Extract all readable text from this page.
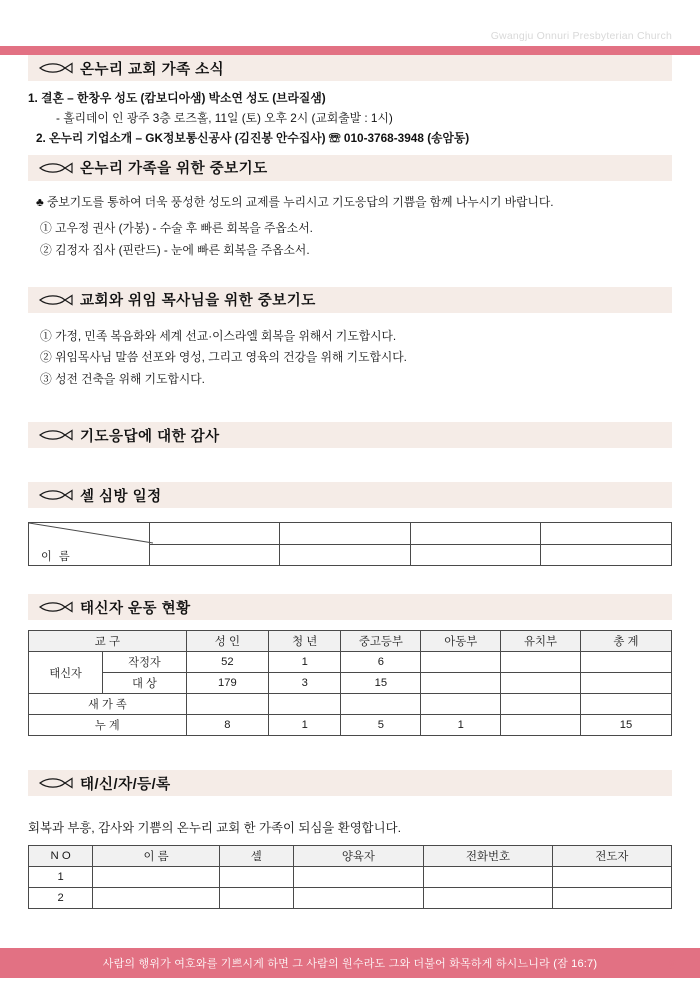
Gwangju Onnuri Presbyterian Church
온누리 교회 가족 소식
1. 결혼 – 한창우 성도 (캄보디아샘) 박소연 성도 (브라질샘)
- 홀리데이 인 광주 3층 로즈홀, 11일 (토) 오후 2시 (교회출발 : 1시)
2. 온누리 기업소개 – GK정보통신공사 (김진봉 안수집사) ☏ 010-3768-3948 (송암동)
온누리 가족을 위한 중보기도
♣ 중보기도를 통하여 더욱 풍성한 성도의 교제를 누리시고 기도응답의 기쁨을 함께 나누시기 바랍니다.
① 고우정 권사 (가봉) - 수술 후 빠른 회복을 주옵소서.
② 김정자 집사 (핀란드) - 눈에 빠른 회복을 주옵소서.
교회와 위임 목사님을 위한 중보기도
① 가정, 민족 복음화와 세계 선교·이스라엘 회복을 위해서 기도합시다.
② 위임목사님 말씀 선포와 영성, 그리고 영육의 건강을 위해 기도합시다.
③ 성전 건축을 위해 기도합시다.
기도응답에 대한 감사
셀 심방 일정
이 름				

태신자 운동 현황
교 구		성 인	청 년	중고등부	아동부	유치부	총 계
태신자	작정자	52	1	6			
	대 상	179	3	15			
새 가 족							
누 계		8	1	5	1		15
태/신/자/등/록
회복과 부흥, 감사와 기쁨의 온누리 교회 한 가족이 되심을 환영합니다.
N O	이 름	셀	양육자	전화번호	전도자
1					
2					
사람의 행위가 여호와를 기쁘시게 하면 그 사람의 원수라도 그와 더불어 화목하게 하시느니라 (잠 16:7)	9
